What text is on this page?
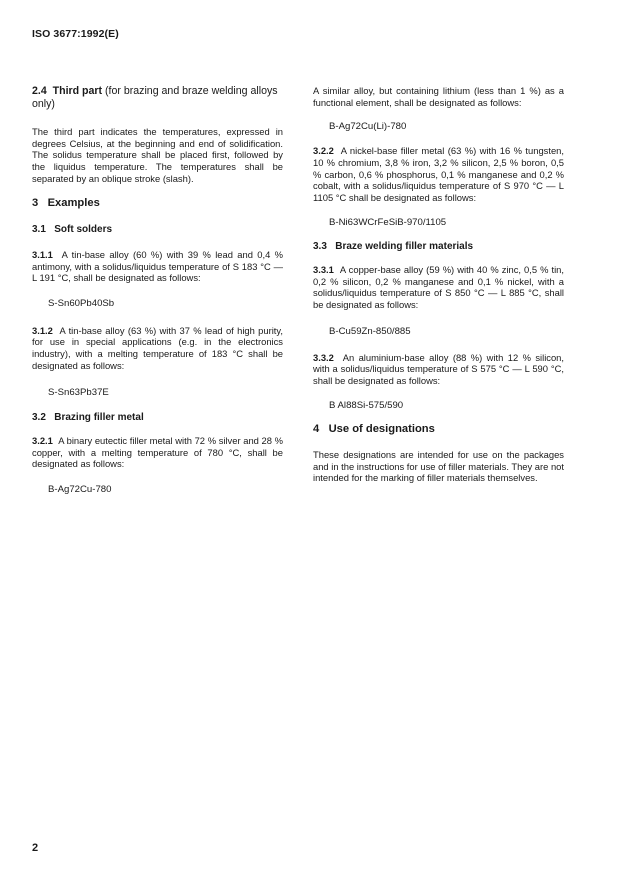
ISO 3677:1992(E)
2.4 Third part (for brazing and braze welding alloys only)

The third part indicates the temperatures, expressed in degrees Celsius, at the beginning and end of solidification. The solidus temperature shall be placed first, followed by the liquidus temperature. The temperatures shall be separated by an oblique stroke (slash).

3 Examples
3.1 Soft solders

3.1.1 A tin-base alloy (60 %) with 39 % lead and 0,4 % antimony, with a solidus/liquidus temperature of S 183 °C — L 191 °C, shall be designated as follows:

S-Sn60Pb40Sb

3.1.2 A tin-base alloy (63 %) with 37 % lead of high purity, for use in special applications (e.g. in the electronics industry), with a melting temperature of 183 °C shall be designated as follows:

S-Sn63Pb37E
3.2 Brazing filler metal

3.2.1 A binary eutectic filler metal with 72 % silver and 28 % copper, with a melting temperature of 780 °C, shall be designated as follows:

B-Ag72Cu-780

A similar alloy, but containing lithium (less than 1 %) as a functional element, shall be designated as follows:

B-Ag72Cu(Li)-780

3.2.2 A nickel-base filler metal (63 %) with 16 % tungsten, 10 % chromium, 3,8 % iron, 3,2 % silicon, 2,5 % boron, 0,5 % carbon, 0,6 % phosphorus, 0,1 % manganese and 0,2 % cobalt, with a solidus/liquidus temperature of S 970 °C — L 1105 °C shall be designated as follows:

B-Ni63WCrFeSiB-970/1105
3.3 Braze welding filler materials

3.3.1 A copper-base alloy (59 %) with 40 % zinc, 0,5 % tin, 0,2 % silicon, 0,2 % manganese and 0,1 % nickel, with a solidus/liquidus temperature of S 850 °C — L 885 °C, shall be designated as follows:

B-Cu59Zn-850/885

3.3.2 An aluminium-base alloy (88 %) with 12 % silicon, with a solidus/liquidus temperature of S 575 °C — L 590 °C, shall be designated as follows:

B Al88Si-575/590
4 Use of designations

These designations are intended for use on the packages and in the instructions for use of filler materials. They are not intended for the marking of filler materials themselves.

2
